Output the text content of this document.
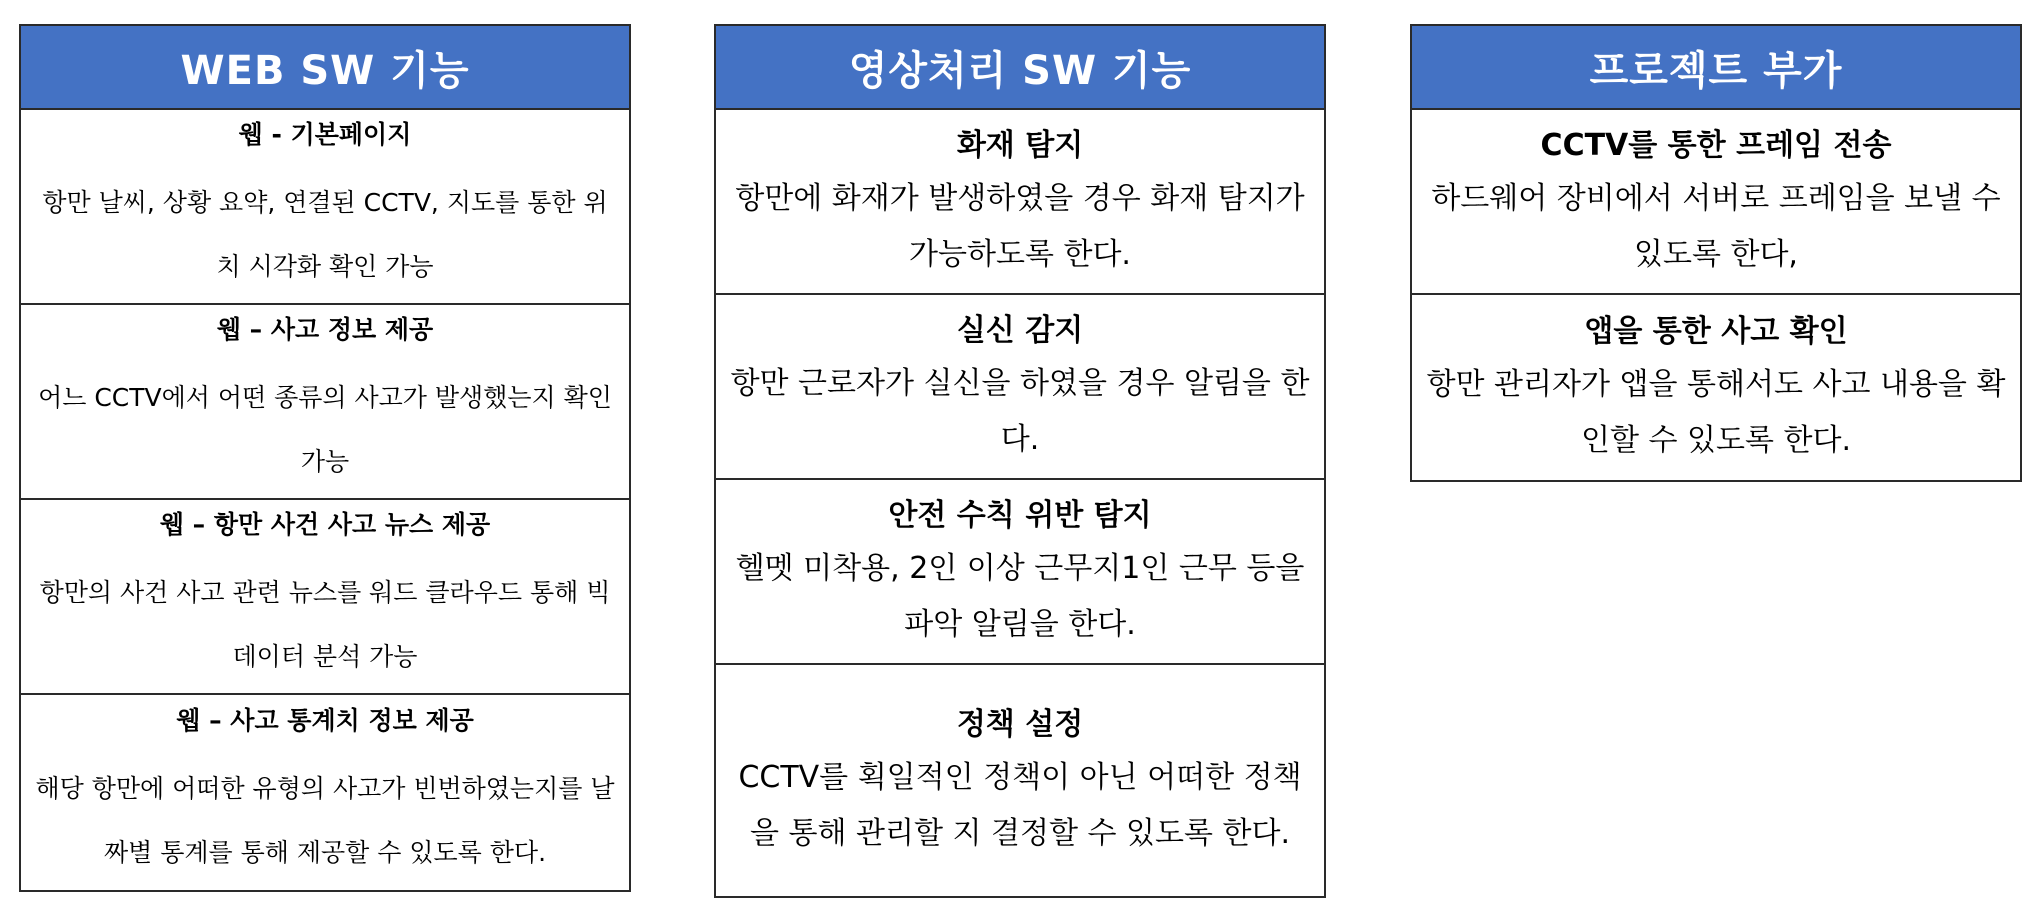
WEB SW 기능
웹 - 기본페이지
항만 날씨, 상황 요약, 연결된 CCTV, 지도를 통한 위치 시각화 확인 가능
웹 – 사고 정보 제공
어느 CCTV에서 어떤 종류의 사고가 발생했는지 확인 가능
웹 – 항만 사건 사고 뉴스 제공
항만의 사건 사고 관련 뉴스를 워드 클라우드 통해 빅데이터 분석 가능
웹 – 사고 통계치 정보 제공
해당 항만에 어떠한 유형의 사고가 빈번하였는지를 날짜별 통계를 통해 제공할 수 있도록 한다.
영상처리 SW 기능
화재 탐지
항만에 화재가 발생하였을 경우 화재 탐지가 가능하도록 한다.
실신 감지
항만 근로자가 실신을 하였을 경우 알림을 한다.
안전 수칙 위반 탐지
헬멧 미착용, 2인 이상 근무지1인 근무 등을 파악 알림을 한다.
정책 설정
CCTV를 획일적인 정책이 아닌 어떠한 정책을 통해 관리할 지 결정할 수 있도록 한다.
프로젝트 부가
CCTV를 통한 프레임 전송
하드웨어 장비에서 서버로 프레임을 보낼 수 있도록 한다,
앱을 통한 사고 확인
항만 관리자가 앱을 통해서도 사고 내용을 확인할 수 있도록 한다.
